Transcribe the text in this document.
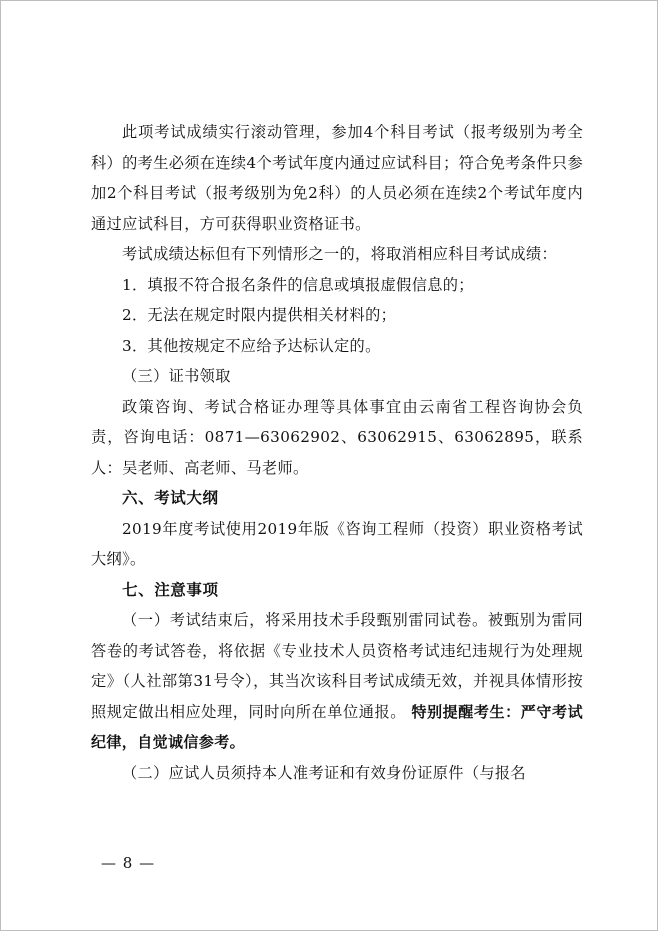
此项考试成绩实行滚动管理，参加4个科目考试（报考级别为考全科）的考生必须在连续4个考试年度内通过应试科目；符合免考条件只参加2个科目考试（报考级别为免2科）的人员必须在连续2个考试年度内通过应试科目，方可获得职业资格证书。

考试成绩达标但有下列情形之一的，将取消相应科目考试成绩：

1．填报不符合报名条件的信息或填报虚假信息的；

2．无法在规定时限内提供相关材料的；

3．其他按规定不应给予达标认定的。

（三）证书领取

政策咨询、考试合格证办理等具体事宜由云南省工程咨询协会负责，咨询电话：0871—63062902、63062915、63062895，联系人：吴老师、高老师、马老师。

六、考试大纲

2019年度考试使用2019年版《咨询工程师（投资）职业资格考试大纲》。

七、注意事项

（一）考试结束后，将采用技术手段甄别雷同试卷。被甄别为雷同答卷的考试答卷，将依据《专业技术人员资格考试违纪违规行为处理规定》（人社部第31号令），其当次该科目考试成绩无效，并视具体情形按照规定做出相应处理，同时向所在单位通报。 特别提醒考生：严守考试纪律，自觉诚信参考。

（二）应试人员须持本人准考证和有效身份证原件（与报名

— 8 —
